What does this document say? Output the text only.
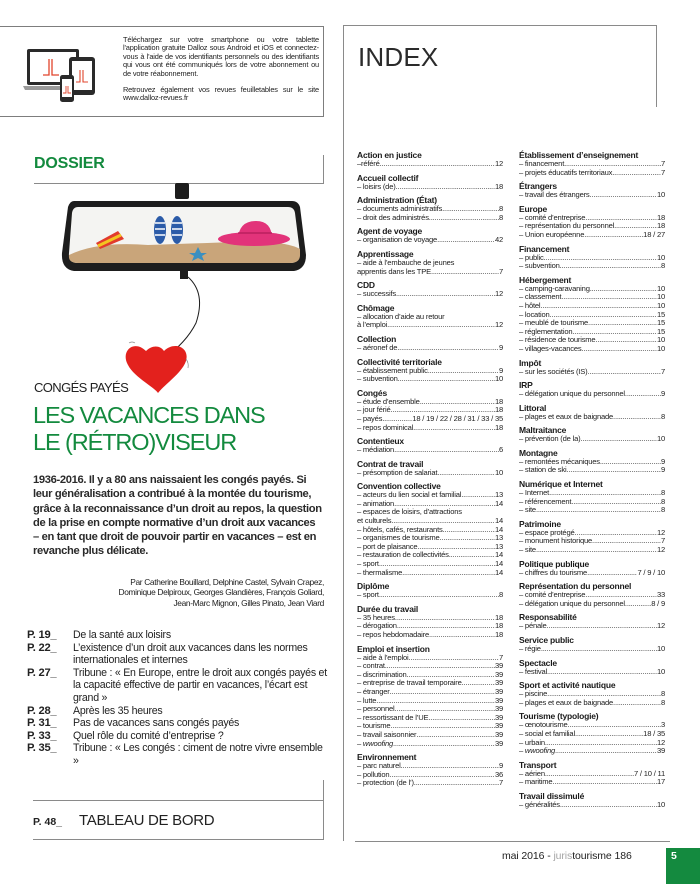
Téléchargez sur votre smartphone ou votre tablette l'application gratuite Dalloz sous Android et iOS et connectez-vous à l'aide de vos identifiants personnels ou des identifiants qui vous ont été communiqués lors de votre abonnement ou de votre réabonnement.

Retrouvez également vos revues feuilletables sur le site www.dalloz-revues.fr

DOSSIER
CONGÉS PAYÉS
LES VACANCES DANS
LE (RÉTRO)VISEUR
1936-2016. Il y a 80 ans naissaient les congés payés. Si leur généralisation a contribué à la montée du tourisme, grâce à la reconnaissance d’un droit au repos, la question de la prise en compte normative d’un droit aux vacances – en tant que droit de pouvoir partir en vacances – est en revanche plus délicate.
Par Catherine Bouillard, Delphine Castel, Sylvain Crapez,
Dominique Delpiroux, Georges Glandières, François Goliard,
Jean-Marc Mignon, Gilles Pinato, Jean Viard
P. 19_	De la santé aux loisirs
P. 22_	L’existence d’un droit aux vacances dans les normes internationales et internes
P. 27_	Tribune : « En Europe, entre le droit aux congés payés et la capacité effective de partir en vacances, l’écart est grand »
P. 28_	Après les 35 heures
P. 31_	Pas de vacances sans congés payés
P. 33_	Quel rôle du comité d’entreprise ?
P. 35_	Tribune : « Les congés : ciment de notre vivre ensemble »
P. 48_	TABLEAU DE BORD
INDEX
Action en justice
–référé .....	12
Accueil collectif
– loisirs (de) .....	18
Administration (État)
– documents administratifs .....	8
– droit des administrés .....	8
Agent de voyage
– organisation de voyage .....	42
Apprentissage
– aide à l’embauche de jeunes
apprentis dans les TPE .....	7
CDD
– successifs .....	12
Chômage
– allocation d’aide au retour
à l’emploi .....	12
Collection
– aéronef de .....	9
Collectivité territoriale
– établissement public .....	9
– subvention .....	10
Congés
– étude d’ensemble .....	18
– jour férié .....	18
– payés .....	18 / 19 / 22 / 28 / 31 / 33 / 35
– repos dominical .....	18
Contentieux
– médiation .....	6
Contrat de travail
– présomption de salariat .....	10
Convention collective
– acteurs du lien social et familial .....	13
– animation .....	14
– espaces de loisirs, d’attractions
et culturels .....	14
– hôtels, cafés, restaurants .....	14
– organismes de tourisme .....	13
– port de plaisance .....	13
– restauration de collectivités .....	14
– sport .....	14
– thermalisme .....	14
Diplôme
– sport .....	8
Durée du travail
– 35 heures .....	18
– dérogation .....	18
– repos hebdomadaire .....	18
Emploi et insertion
– aide à l’emploi .....	7
– contrat .....	39
– discrimination .....	39
– entreprise de travail temporaire .....	39
– étranger .....	39
– lutte .....	39
– personnel .....	39
– ressortissant de l’UE .....	39
– tourisme .....	39
– travail saisonnier .....	39
– wwoofing .....	39
Environnement
– parc naturel .....	9
– pollution .....	36
– protection (de l’) .....	7
Établissement d’enseignement
– financement .....	7
– projets éducatifs territoriaux .....	7
Étrangers
– travail des étrangers .....	10
Europe
– comité d’entreprise .....	18
– représentation du personnel .....	18
– Union européenne .....	18 / 27
Financement
– public .....	10
– subvention .....	8
Hébergement
– camping-caravaning .....	10
– classement .....	10
– hôtel .....	10
– location .....	15
– meublé de tourisme .....	15
– réglementation .....	15
– résidence de tourisme .....	10
– villages-vacances .....	10
Impôt
– sur les sociétés (IS) .....	7
IRP
– délégation unique du personnel .....	9
Littoral
– plages et eaux de baignade .....	8
Maltraitance
– prévention (de la) .....	10
Montagne
– remontées mécaniques .....	9
– station de ski .....	9
Numérique et Internet
– Internet .....	8
– référencement .....	8
– site .....	8
Patrimoine
– espace protégé .....	12
– monument historique .....	7
– site .....	12
Politique publique
– chiffres du tourisme .....	7 / 9 / 10
Représentation du personnel
– comité d’entreprise .....	33
– délégation unique du personnel .....	8 / 9
Responsabilité
– pénale .....	12
Service public
– régie .....	10
Spectacle
– festival .....	10
Sport et activité nautique
– piscine .....	8
– plages et eaux de baignade .....	8
Tourisme (typologie)
– œnotourisme .....	3
– social et familial .....	18 / 35
– urbain .....	12
– wwoofing .....	39
Transport
– aérien .....	7 / 10 / 11
– maritime .....	17
Travail dissimulé
– généralités .....	10
mai 2016 - juristourisme 186	5
